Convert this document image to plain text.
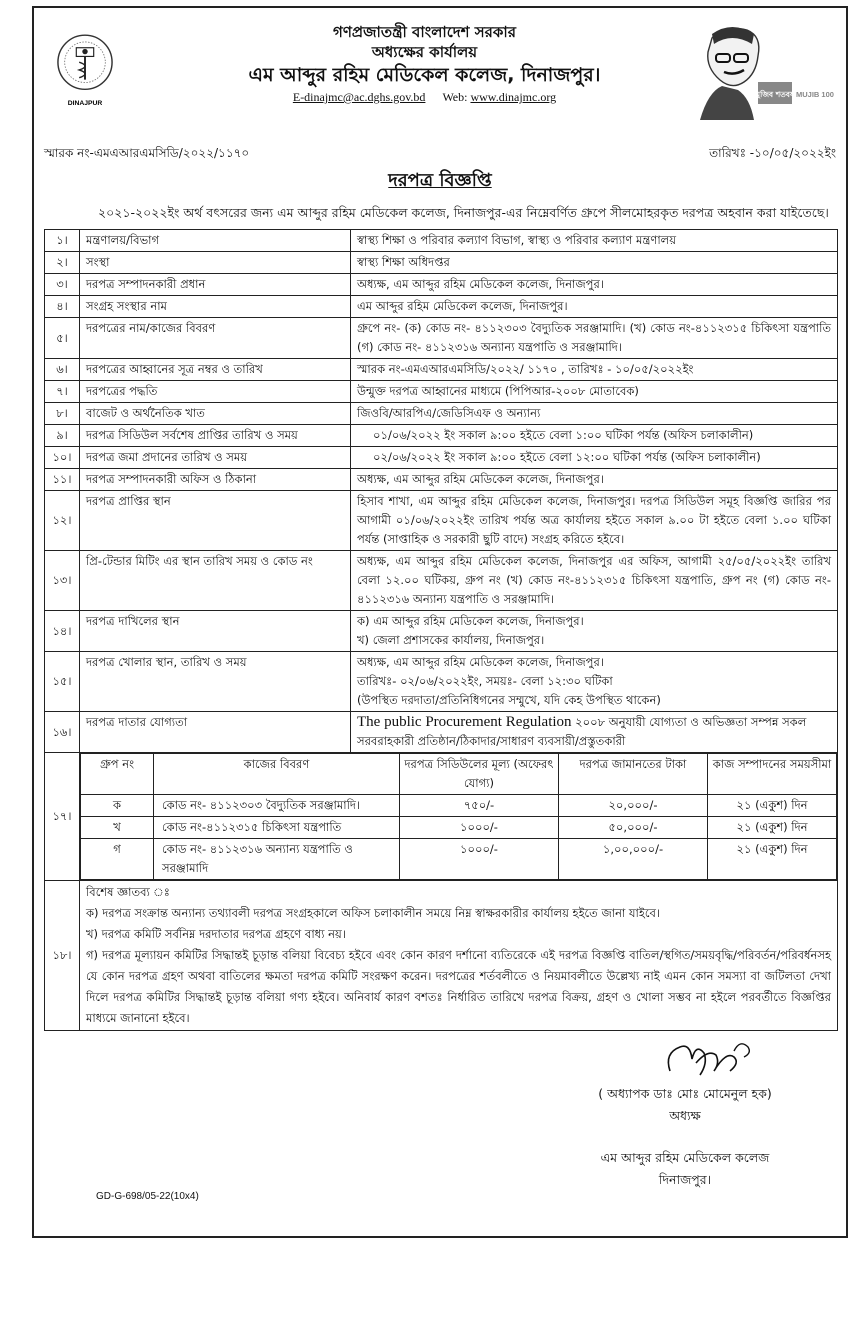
DINAJPUR
গণপ্রজাতন্ত্রী বাংলাদেশ সরকার
অধ্যক্ষের কার্যালয়
এম আব্দুর রহিম মেডিকেল কলেজ, দিনাজপুর।
E-dinajmc@ac.dghs.gov.bd Web: www.dinajmc.org	মুজিব শতবর্ষ MUJIB 100
স্মারক নং-এমএআরএমসিডি/২০২২/১১৭০	তারিখঃ -১০/০৫/২০২২ইং
দরপত্র বিজ্ঞপ্তি
২০২১-২০২২ইং অর্থ বৎসরের জন্য এম আব্দুর রহিম মেডিকেল কলেজ, দিনাজপুর-এর নিম্নেবর্ণিত গ্রুপে সীলমোহরকৃত দরপত্র অহবান করা যাইতেছে।
১।	মন্ত্রণালয়/বিভাগ	স্বাস্থ্য শিক্ষা ও পরিবার কল্যাণ বিভাগ, স্বাস্থ্য ও পরিবার কল্যাণ মন্ত্রণালয়

২।	সংস্থা	স্বাস্থ্য শিক্ষা অধিদপ্তর

৩।	দরপত্র সম্পাদনকারী প্রধান	অধ্যক্ষ, এম আব্দুর রহিম মেডিকেল কলেজ, দিনাজপুর।

৪।	সংগ্রহ সংস্থার নাম	এম আব্দুর রহিম মেডিকেল কলেজ, দিনাজপুর।

৫।	দরপত্রের নাম/কাজের বিবরণ	গ্রুপে নং- (ক) কোড নং- ৪১১২৩০৩ বৈদ্যুতিক সরঞ্জামাদি। (খ) কোড নং-৪১১২৩১৫ চিকিৎসা যন্ত্রপাতি (গ) কোড নং- ৪১১২৩১৬ অন্যান্য যন্ত্রপাতি ও সরঞ্জামাদি।

৬।	দরপত্রের আহ্বানের সূত্র নম্বর ও তারিখ	স্মারক নং-এমএআরএমসিডি/২০২২/ ১১৭০ , তারিখঃ - ১০/০৫/২০২২ইং

৭।	দরপত্রের পদ্ধতি	উন্মুক্ত দরপত্র আহ্বানের মাধ্যমে (পিপিআর-২০০৮ মোতাবেক)

৮।	বাজেট ও অর্থনৈতিক খাত	জিওবি/আরপিএ/জেডিসিএফ ও অন্যান্য

৯।	দরপত্র সিডিউল সর্বশেষ প্রাপ্তির তারিখ ও সময়	০১/০৬/২০২২ ইং সকাল ৯:০০ হইতে বেলা ১:০০ ঘটিকা পর্যন্ত (অফিস চলাকালীন)

১০।	দরপত্র জমা প্রদানের তারিখ ও সময়	০২/০৬/২০২২ ইং সকাল ৯:০০ হইতে বেলা ১২:০০ ঘটিকা পর্যন্ত (অফিস চলাকালীন)

১১।	দরপত্র সম্পাদনকারী অফিস ও ঠিকানা	অধ্যক্ষ, এম আব্দুর রহিম মেডিকেল কলেজ, দিনাজপুর।

১২।	দরপত্র প্রাপ্তির স্থান	হিসাব শাখা, এম আব্দুর রহিম মেডিকেল কলেজ, দিনাজপুর। দরপত্র সিডিউল সমূহ বিজ্ঞপ্তি জারির পর আগামী ০১/০৬/২০২২ইং তারিখ পর্যন্ত অত্র কার্যালয় হইতে সকাল ৯.০০ টা হইতে বেলা ১.০০ ঘটিকা পর্যন্ত (সাপ্তাহিক ও সরকারী ছুটি বাদে) সংগ্রহ করিতে হইবে।

১৩।	প্রি-টেন্ডার মিটিং এর স্থান তারিখ সময় ও কোড নং	অধ্যক্ষ, এম আব্দুর রহিম মেডিকেল কলেজ, দিনাজপুর এর অফিস, আগামী ২৫/০৫/২০২২ইং তারিখ বেলা ১২.০০ ঘটিকয়, গ্রুপ নং (খ) কোড নং-৪১১২৩১৫ চিকিৎসা যন্ত্রপাতি, গ্রুপ নং (গ) কোড নং- ৪১১২৩১৬ অন্যান্য যন্ত্রপাতি ও সরঞ্জামাদি।

১৪।	দরপত্র দাখিলের স্থান	ক) এম আব্দুর রহিম মেডিকেল কলেজ, দিনাজপুর।
খ) জেলা প্রশাসকের কার্যালয়, দিনাজপুর।

১৫।	দরপত্র খোলার স্থান, তারিখ ও সময়	অধ্যক্ষ, এম আব্দুর রহিম মেডিকেল কলেজ, দিনাজপুর।
তারিখঃ- ০২/০৬/২০২২ইং, সময়ঃ- বেলা ১২:৩০ ঘটিকা
(উপস্থিত দরদাতা/প্রতিনিধিগনের সম্মুখে, যদি কেহ উপস্থিত থাকেন)

১৬।	দরপত্র দাতার যোগ্যতা	The public Procurement Regulation ২০০৮ অনুযায়ী যোগ্যতা ও অভিজ্ঞতা সম্পন্ন সকল
সরবরাহকারী প্রতিষ্ঠান/ঠিকাদার/সাধারণ ব্যবসায়ী/প্রস্তুতকারী

১৭।	
গ্রুপ নং	কাজের বিবরণ	দরপত্র সিডিউলের মূল্য (অফেরৎ যোগ্য)	দরপত্র জামানতের টাকা	কাজ সম্পাদনের সময়সীমা
ক	কোড নং- ৪১১২৩০৩ বৈদ্যুতিক সরঞ্জামাদি।	৭৫০/-	২০,০০০/-	২১ (একুশ) দিন
খ	কোড নং-৪১১২৩১৫ চিকিৎসা যন্ত্রপাতি	১০০০/-	৫০,০০০/-	২১ (একুশ) দিন
গ	কোড নং- ৪১১২৩১৬ অন্যান্য যন্ত্রপাতি ও সরঞ্জামাদি	১০০০/-	১,০০,০০০/-	২১ (একুশ) দিন

১৮।	

বিশেষ জ্ঞাতব্য ঃ

ক) দরপত্র সংক্রান্ত অন্যান্য তথ্যাবলী দরপত্র সংগ্রহকালে অফিস চলাকালীন সময়ে নিম্ন স্বাক্ষরকারীর কার্যালয় হইতে জানা যাইবে।

খ) দরপত্র কমিটি সর্বনিম্ন দরদাতার দরপত্র গ্রহণে বাধ্য নয়।

গ) দরপত্র মূল্যায়ন কমিটির সিদ্ধান্তই চূড়ান্ত বলিয়া বিবেচ্য হইবে এবং কোন কারণ দর্শানো ব্যতিরেকে এই দরপত্র বিজ্ঞপ্তি বাতিল/স্থগিত/সময়বৃদ্ধি/পরিবর্তন/পরিবর্ধনসহ যে কোন দরপত্র গ্রহণ অথবা বাতিলের ক্ষমতা দরপত্র কমিটি সংরক্ষণ করেন। দরপত্রের শর্তবলীতে ও নিয়মাবলীতে উল্লেখ্য নাই এমন কোন সমস্যা বা জটিলতা দেখা দিলে দরপত্র কমিটির সিদ্ধান্তই চূড়ান্ত বলিয়া গণ্য হইবে। অনিবার্য কারণ বশতঃ নির্ধারিত তারিখে দরপত্র বিক্রয়, গ্রহণ ও খোলা সম্ভব না হইলে পরবর্তীতে বিজ্ঞপ্তির মাধ্যমে জানানো হইবে।

( অধ্যাপক ডাঃ মোঃ মোমেনুল হক)
অধ্যক্ষ
এম আব্দুর রহিম মেডিকেল কলেজ
দিনাজপুর।
GD-G-698/05-22(10x4)
